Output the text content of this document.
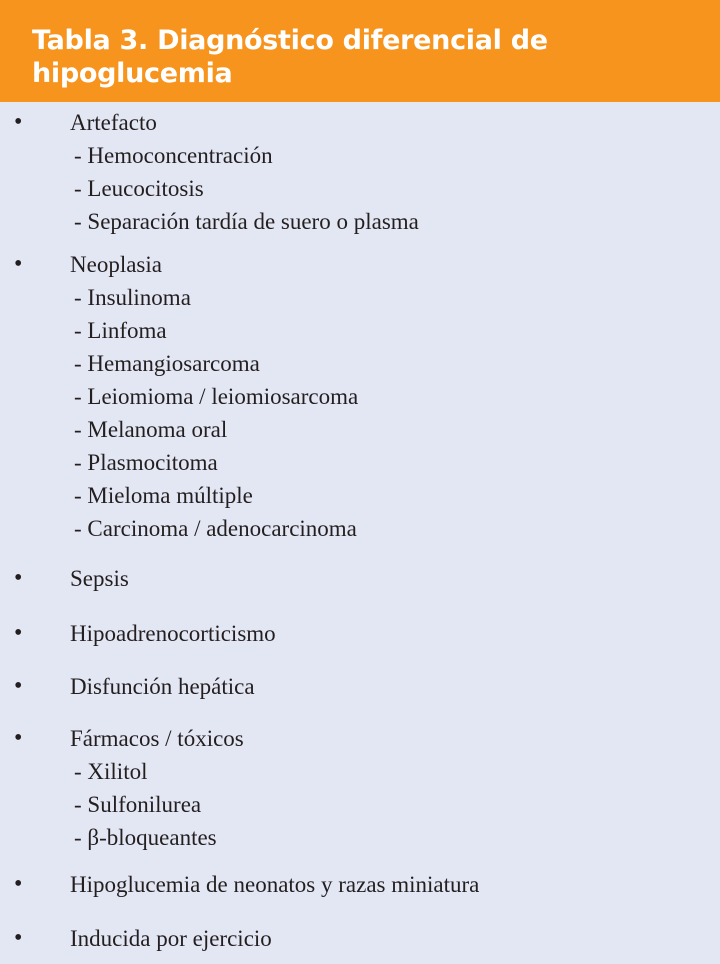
Tabla 3. Diagnóstico diferencial de hipoglucemia
• Artefacto
- Hemoconcentración
- Leucocitosis
- Separación tardía de suero o plasma
• Neoplasia
- Insulinoma
- Linfoma
- Hemangiosarcoma
- Leiomioma / leiomiosarcoma
- Melanoma oral
- Plasmocitoma
- Mieloma múltiple
- Carcinoma / adenocarcinoma
• Sepsis
• Hipoadrenocorticismo
• Disfunción hepática
• Fármacos / tóxicos
- Xilitol
- Sulfonilurea
- β-bloqueantes
• Hipoglucemia de neonatos y razas miniatura
• Inducida por ejercicio
